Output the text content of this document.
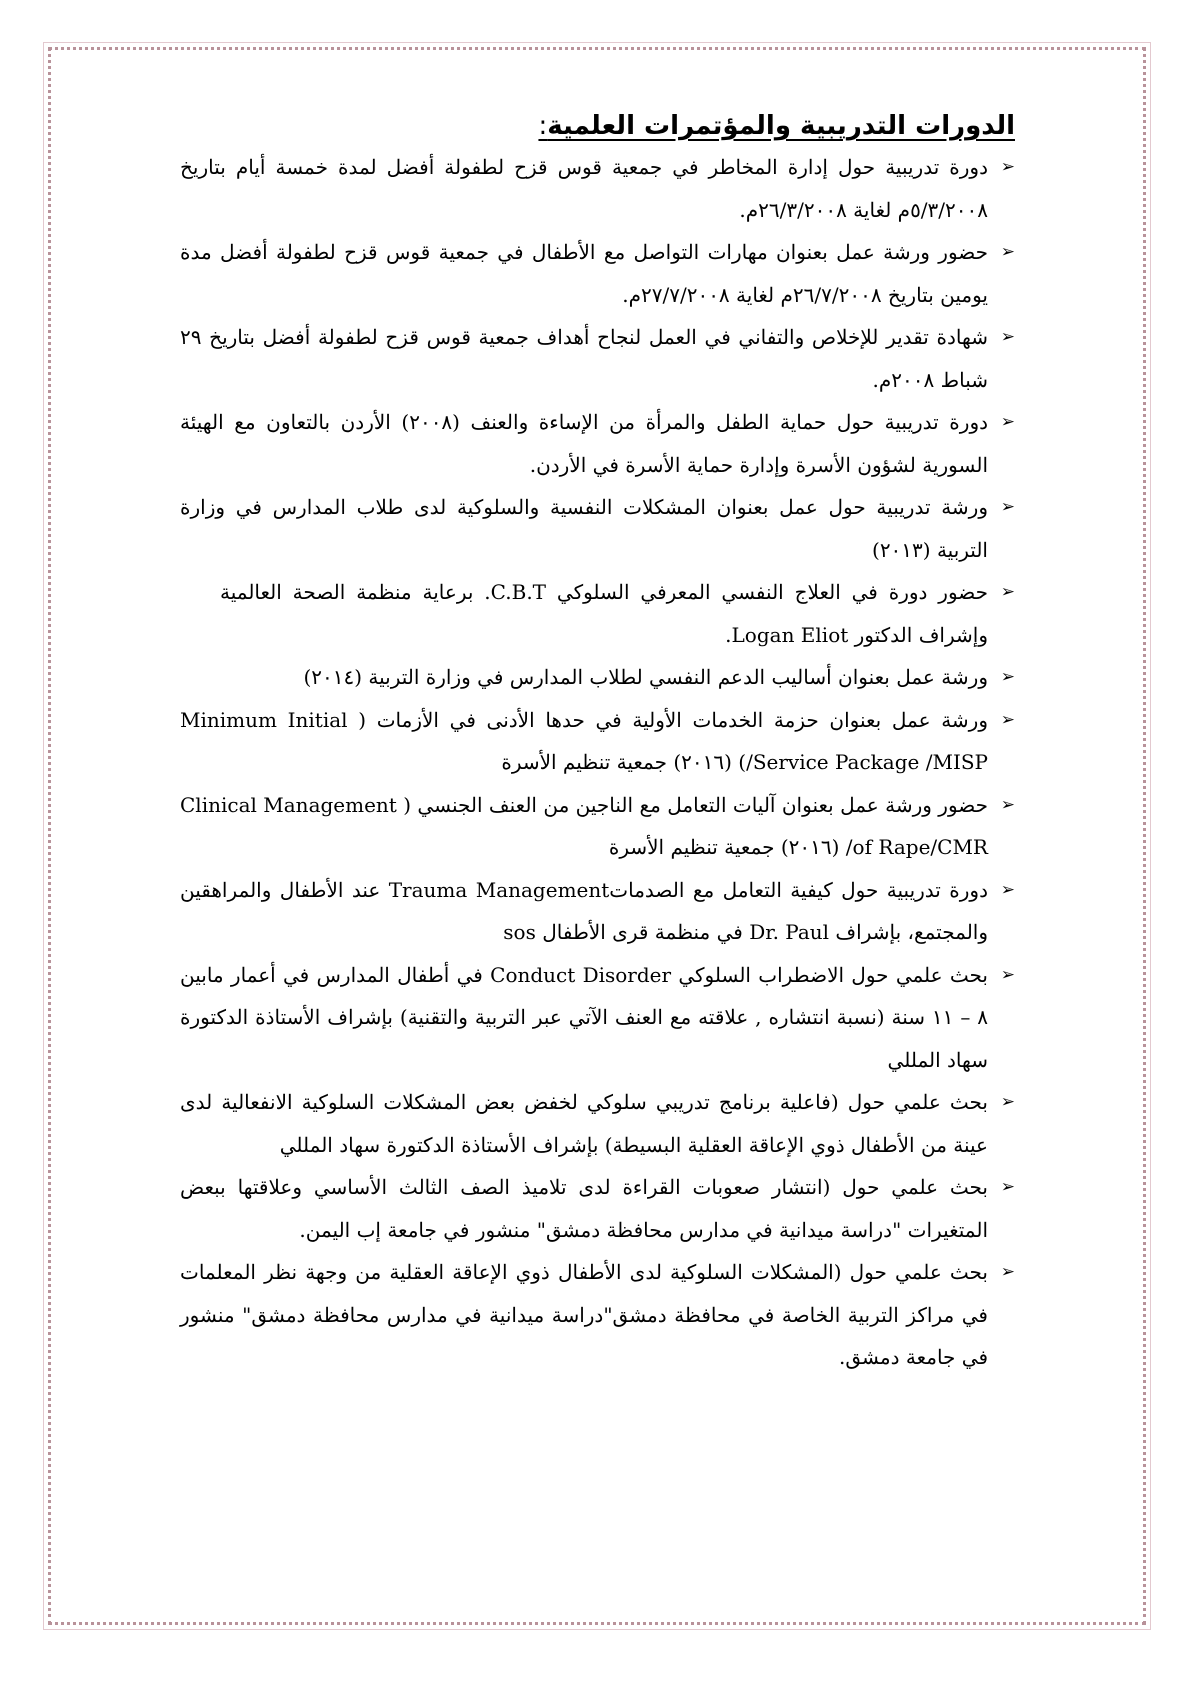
الدورات التدريبية والمؤتمرات العلمية:
➢
دورة تدريبية حول إدارة المخاطر في جمعية قوس قزح لطفولة أفضل لمدة خمسة أيام بتاريخ ٥/٣/٢٠٠٨م لغاية ٢٦/٣/٢٠٠٨م.
➢
حضور ورشة عمل بعنوان مهارات التواصل مع الأطفال في جمعية قوس قزح لطفولة أفضل مدة يومين بتاريخ ٢٦/٧/٢٠٠٨م لغاية ٢٧/٧/٢٠٠٨م.
➢
شهادة تقدير للإخلاص والتفاني في العمل لنجاح أهداف جمعية قوس قزح لطفولة أفضل بتاريخ ٢٩ شباط ٢٠٠٨م.
➢
دورة تدريبية حول حماية الطفل والمرأة من الإساءة والعنف (٢٠٠٨) الأردن بالتعاون مع الهيئة السورية لشؤون الأسرة وإدارة حماية الأسرة في الأردن.
➢
ورشة تدريبية حول عمل بعنوان المشكلات النفسية والسلوكية لدى طلاب المدارس في وزارة التربية (٢٠١٣)
➢
حضور دورة في العلاج النفسي المعرفي السلوكي C.B.T. برعاية منظمة الصحة العالمية وإشراف الدكتور Logan Eliot.
➢
ورشة عمل بعنوان أساليب الدعم النفسي لطلاب المدارس في وزارة التربية (٢٠١٤)
➢
ورشة عمل بعنوان حزمة الخدمات الأولية في حدها الأدنى في الأزمات ( Minimum Initial Service Package /MISP/) (٢٠١٦) جمعية تنظيم الأسرة
➢
حضور ورشة عمل بعنوان آليات التعامل مع الناجين من العنف الجنسي ( Clinical Management of Rape/CMR/ (٢٠١٦) جمعية تنظيم الأسرة
➢
دورة تدريبية حول كيفية التعامل مع الصدماتTrauma Management عند الأطفال والمراهقين والمجتمع، بإشراف Dr. Paul في منظمة قرى الأطفال sos
➢
بحث علمي حول الاضطراب السلوكي Conduct Disorder في أطفال المدارس في أعمار مابين ٨ – ١١ سنة (نسبة انتشاره , علاقته مع العنف الآتي عبر التربية والتقنية) بإشراف الأستاذة الدكتورة سهاد المللي
➢
بحث علمي حول (فاعلية برنامج تدريبي سلوكي لخفض بعض المشكلات السلوكية الانفعالية لدى عينة من الأطفال ذوي الإعاقة العقلية البسيطة) بإشراف الأستاذة الدكتورة سهاد المللي
➢
بحث علمي حول (انتشار صعوبات القراءة لدى تلاميذ الصف الثالث الأساسي وعلاقتها ببعض المتغيرات "دراسة ميدانية في مدارس محافظة دمشق" منشور في جامعة إب اليمن.
➢
بحث علمي حول (المشكلات السلوكية لدى الأطفال ذوي الإعاقة العقلية من وجهة نظر المعلمات في مراكز التربية الخاصة في محافظة دمشق"دراسة ميدانية في مدارس محافظة دمشق" منشور في جامعة دمشق.
